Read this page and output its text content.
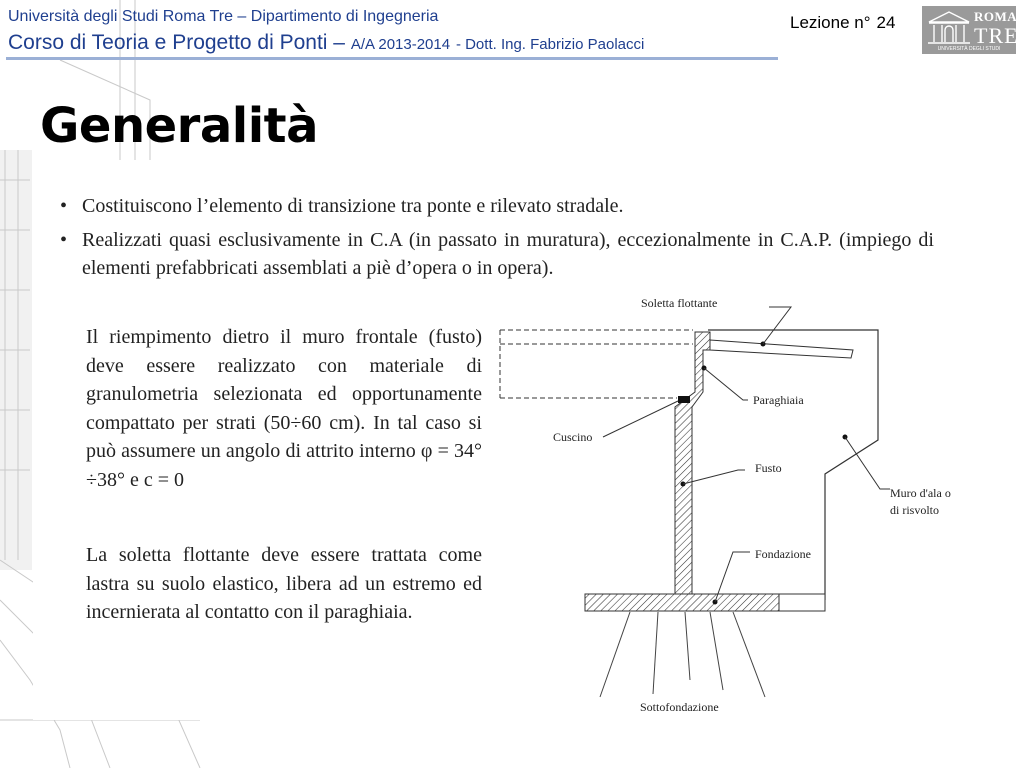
Università degli Studi Roma Tre – Dipartimento di Ingegneria
Corso di Teoria e Progetto di Ponti – A/A 2013-2014 - Dott. Ing. Fabrizio Paolacci
Lezione n° 24	ROMA
TRE
UNIVERSITÀ DEGLI STUDI
Generalità
• Costituiscono l’elemento di transizione tra ponte e rilevato stradale.
• Realizzati quasi esclusivamente in C.A (in passato in muratura), eccezionalmente in C.A.P. (impiego di elementi prefabbricati assemblati a piè d’opera o in opera).

Il riempimento dietro il muro frontale (fusto) deve essere realizzato con materiale di granulometria selezionata ed opportunamente compattato per strati (50÷60 cm). In tal caso si può assumere un angolo di attrito interno φ = 34° ÷38° e c = 0

La soletta flottante deve essere trattata come lastra su suolo elastico, libera ad un estremo ed incernierata al contatto con il paraghiaia.

Soletta flottante
Paraghiaia
Cuscino
Fusto
Muro d'ala o
di risvolto
Fondazione
Sottofondazione
